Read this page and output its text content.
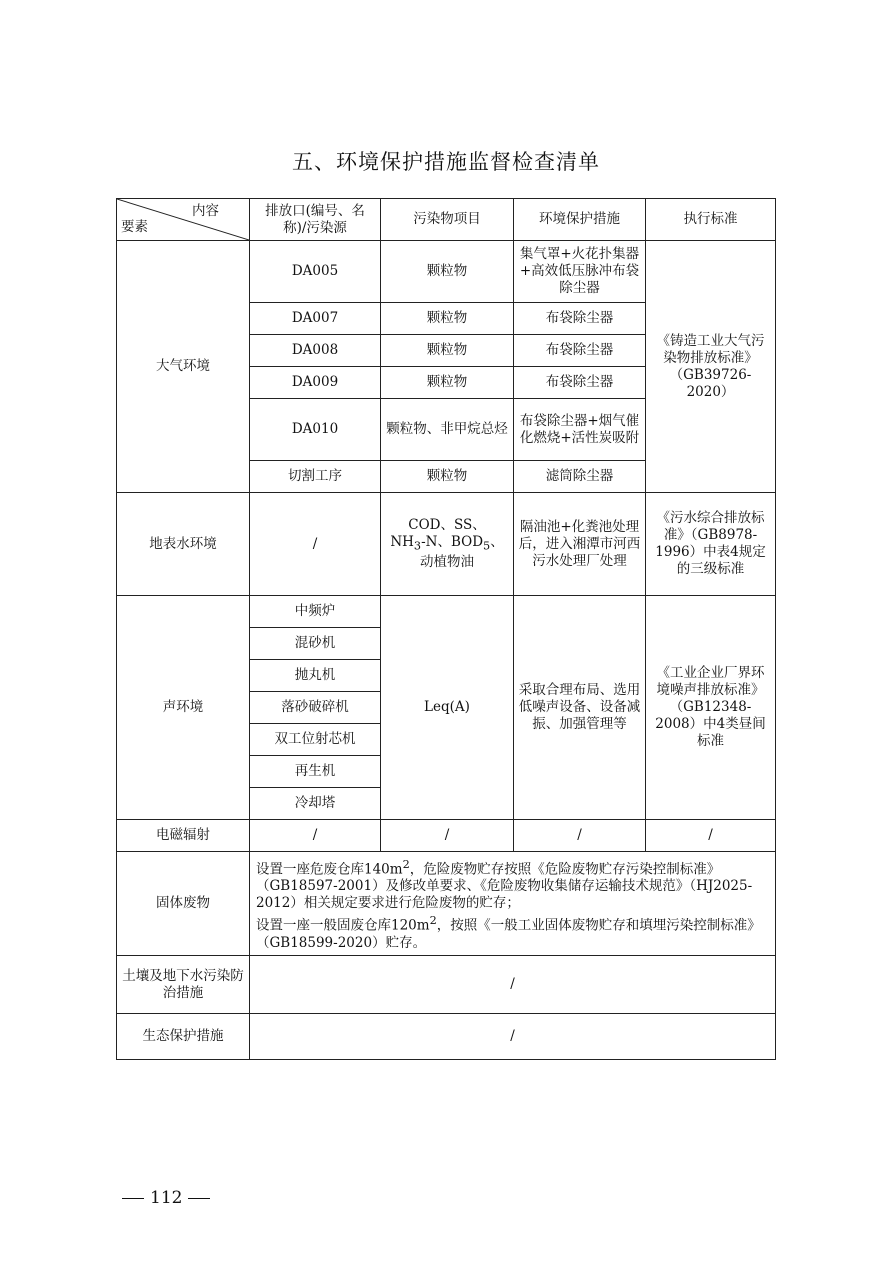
五、环境保护措施监督检查清单
内容
要素	排放口(编号、名称)/污染源	污染物项目	环境保护措施	执行标准
大气环境	DA005	颗粒物	集气罩+火花扑集器+高效低压脉冲布袋除尘器	《铸造工业大气污染物排放标准》（GB39726-2020）
	DA007	颗粒物	布袋除尘器	
	DA008	颗粒物	布袋除尘器	
	DA009	颗粒物	布袋除尘器	
	DA010	颗粒物、非甲烷总烃	布袋除尘器+烟气催化燃烧+活性炭吸附	
	切割工序	颗粒物	滤筒除尘器	
地表水环境	/	COD、SS、
$NH_3-N$、$BOD_5$、
动植物油	隔油池+化粪池处理后，进入湘潭市河西污水处理厂处理	《污水综合排放标准》（GB8978-1996）中表4规定的三级标准
声环境	中频炉	Leq(A)	采取合理布局、选用低噪声设备、设备减振、加强管理等	《工业企业厂界环境噪声排放标准》（GB12348-2008）中4类昼间标准
	混砂机			
	抛丸机			
	落砂破碎机			
	双工位射芯机			
	再生机			
	冷却塔			
电磁辐射	/	/	/	/
固体废物	设置一座危废仓库$140m^2$，危险废物贮存按照《危险废物贮存污染控制标准》（GB18597-2001）及修改单要求、《危险废物收集储存运输技术规范》（HJ2025-2012）相关规定要求进行危险废物的贮存；
设置一座一般固废仓库$120m^2$，按照《一般工业固体废物贮存和填埋污染控制标准》（GB18599-2020）贮存。			
土壤及地下水污染防治措施	/			
生态保护措施	/			
112
